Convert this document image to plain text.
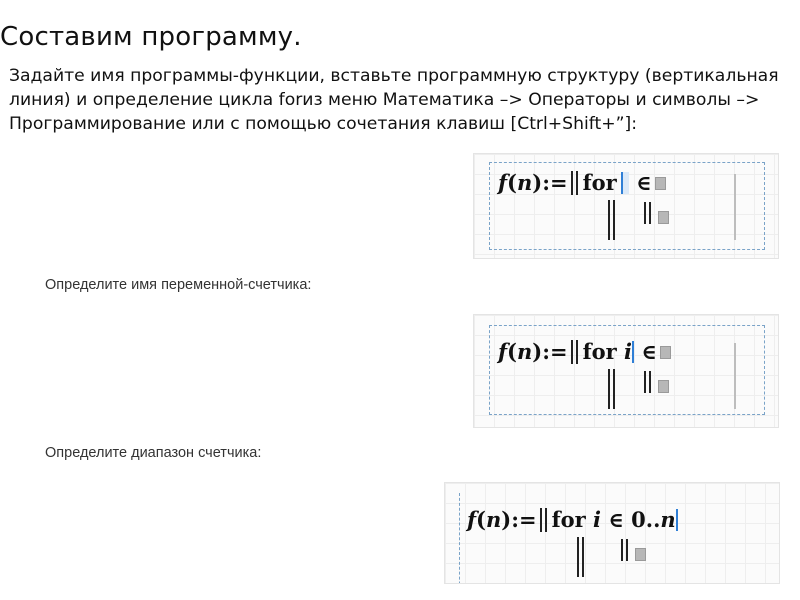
Составим программу.
Задайте имя программы-функции, вставьте программную структуру (вертикальная линия) и определение цикла forиз меню Математика –> Операторы и символы –> Программирование или с помощью сочетания клавиш [Ctrl+Shift+”]:
f(n):= for ∈
Определите имя переменной-счетчика:
f(n):= for i ∈
Определите диапазон счетчика:
f(n):= for i ∈ 0..n
